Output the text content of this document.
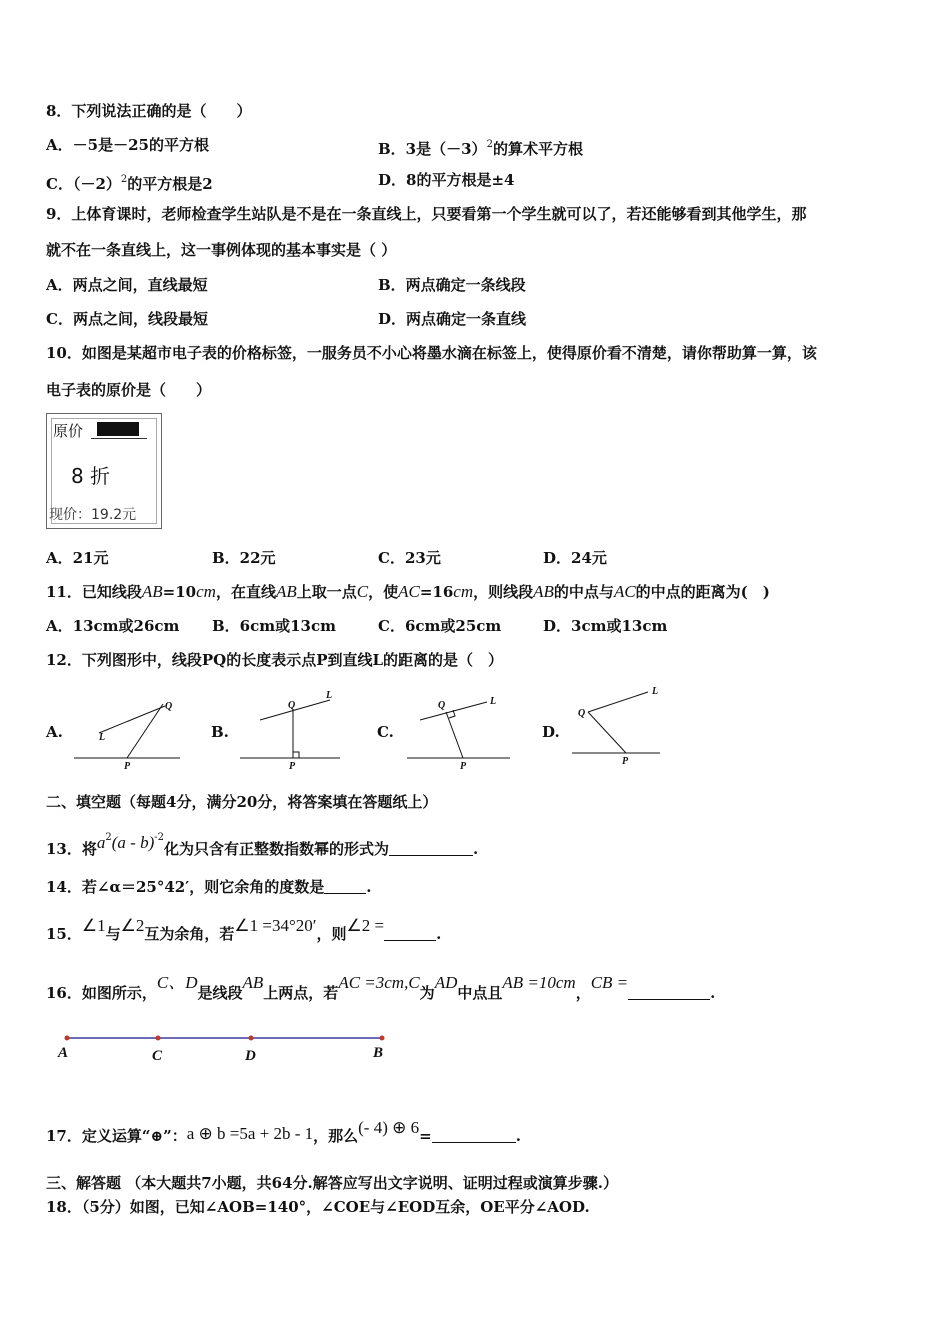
8．下列说法正确的是（　　）
A．－5是－25的平方根	B．3是$(-3)^2$的算术平方根
C．$(-2)^2$的平方根是2	D．8的平方根是±4
9．上体育课时，老师检查学生站队是不是在一条直线上，只要看第一个学生就可以了，若还能够看到其他学生，那
就不在一条直线上，这一事例体现的基本事实是（ ）
A．两点之间，直线最短	B．两点确定一条线段
C．两点之间，线段最短	D．两点确定一条直线
10．如图是某超市电子表的价格标签，一服务员不小心将墨水滴在标签上，使得原价看不清楚，请你帮助算一算，该
电子表的原价是（　　）
原价
8 折
现价：19.2元
A．21元	B．22元	C．23元	D．24元
11．已知线段AB=10cm，在直线AB上取一点C，使AC=16cm，则线段AB的中点与AC的中点的距离为(　)
A．13cm或26cm B．6cm或13cm	C．6cm或25cm	D．3cm或13cm
12．下列图形中，线段PQ的长度表示点P到直线L的距离的是（　）
A.	B.	C.	D.
Q
L
P
Q
L
P
Q	L
P
Q
L
P
二、填空题（每题4分，满分20分，将答案填在答题纸上）
13．将$a^2(a - b)^{-2}$化为只含有正整数指数幂的形式为	.
14．若∠α＝25°42′，则它余角的度数是	.
15．∠1与∠2互为余角，若∠1 =34°20′，则∠2 =	.
16．如图所示，C、D是线段AB上两点，若AC =3cm,C为AD中点且AB =10cm，CB =.
A	C	D	B
17．定义运算“⊕”：a ⊕ b =5a + 2b - 1，那么(- 4) ⊕ 6=	.
三、解答题 （本大题共7小题，共64分.解答应写出文字说明、证明过程或演算步骤.）
18．（5分）如图，已知∠AOB=140°，∠COE与∠EOD互余，OE平分∠AOD.
